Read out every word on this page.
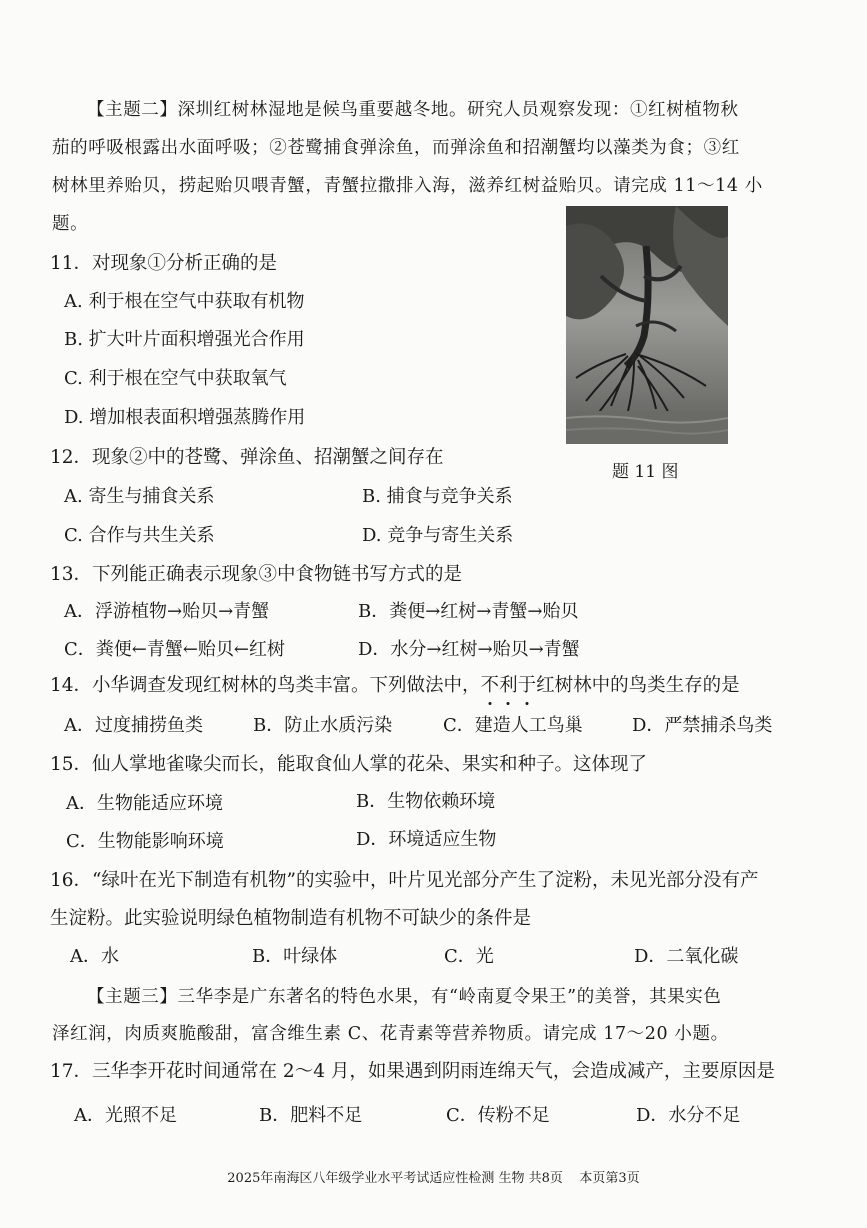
【主题二】深圳红树林湿地是候鸟重要越冬地。研究人员观察发现：①红树植物秋
茄的呼吸根露出水面呼吸；②苍鹭捕食弹涂鱼，而弹涂鱼和招潮蟹均以藻类为食；③红
树林里养贻贝，捞起贻贝喂青蟹，青蟹拉撒排入海，滋养红树益贻贝。请完成 11～14 小
题。
题 11 图
11．对现象①分析正确的是
A. 利于根在空气中获取有机物
B. 扩大叶片面积增强光合作用
C. 利于根在空气中获取氧气
D. 增加根表面积增强蒸腾作用
12．现象②中的苍鹭、弹涂鱼、招潮蟹之间存在
A. 寄生与捕食关系	B. 捕食与竞争关系
C. 合作与共生关系	D. 竞争与寄生关系
13．下列能正确表示现象③中食物链书写方式的是
A．浮游植物→贻贝→青蟹	B．粪便→红树→青蟹→贻贝
C．粪便←青蟹←贻贝←红树	D．水分→红树→贻贝→青蟹
14．小华调查发现红树林的鸟类丰富。下列做法中，不利于红树林中的鸟类生存的是
A．过度捕捞鱼类	B．防止水质污染	C．建造人工鸟巢	D．严禁捕杀鸟类
15．仙人掌地雀喙尖而长，能取食仙人掌的花朵、果实和种子。这体现了
A．生物能适应环境	B．生物依赖环境
C．生物能影响环境	D．环境适应生物
16．“绿叶在光下制造有机物”的实验中，叶片见光部分产生了淀粉，未见光部分没有产
生淀粉。此实验说明绿色植物制造有机物不可缺少的条件是
A．水	B．叶绿体	C．光	D．二氧化碳
【主题三】三华李是广东著名的特色水果，有“岭南夏令果王”的美誉，其果实色
泽红润，肉质爽脆酸甜，富含维生素 C、花青素等营养物质。请完成 17～20 小题。
17．三华李开花时间通常在 2～4 月，如果遇到阴雨连绵天气，会造成减产，主要原因是
A．光照不足	B．肥料不足	C．传粉不足	D．水分不足
2025年南海区八年级学业水平考试适应性检测 生物 共8页    本页第3页
